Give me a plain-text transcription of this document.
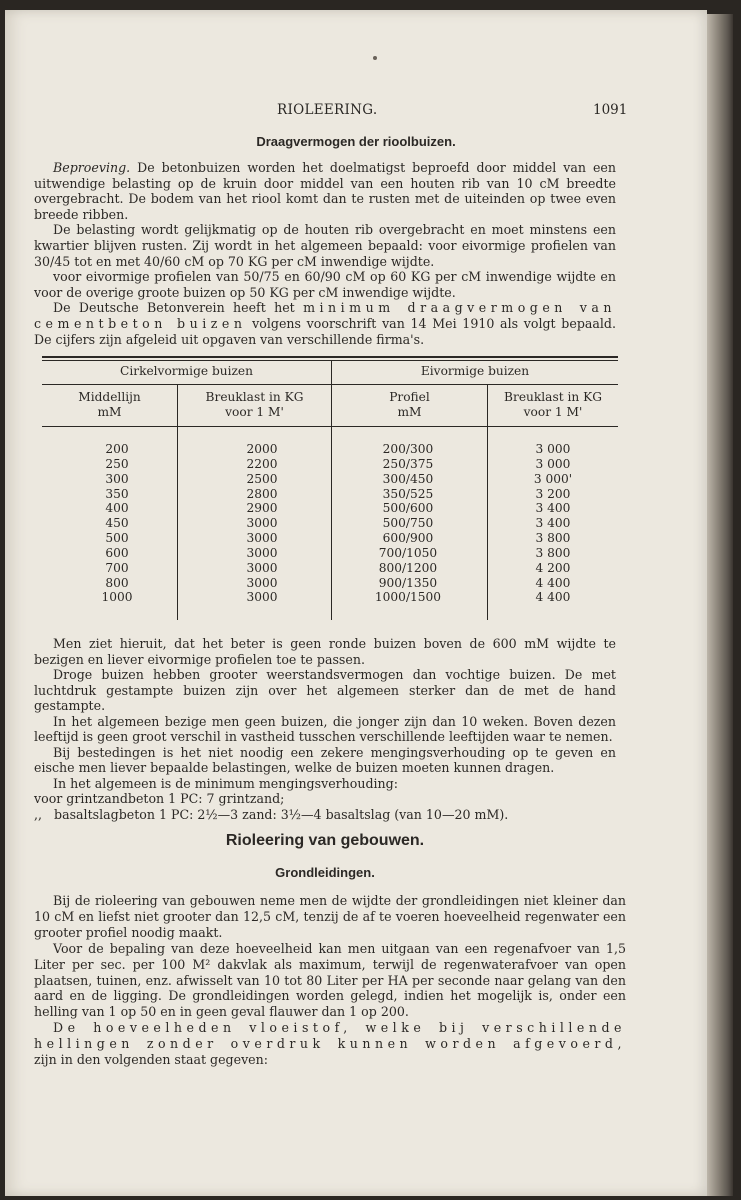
RIOLEERING.	1091
Draagvermogen der rioolbuizen.

Beproeving. De betonbuizen worden het doelmatigst beproefd door middel van een uitwendige belasting op de kruin door middel van een houten rib van 10 cM breedte overgebracht. De bodem van het riool komt dan te rusten met de uiteinden op twee even breede ribben.

De belasting wordt gelijkmatig op de houten rib overgebracht en moet minstens een kwartier blijven rusten. Zij wordt in het algemeen bepaald: voor eivormige profielen van 30/45 tot en met 40/60 cM op 70 KG per cM inwendige wijdte.

voor eivormige profielen van 50/75 en 60/90 cM op 60 KG per cM inwendige wijdte en voor de overige groote buizen op 50 KG per cM inwendige wijdte.

De Deutsche Betonverein heeft het minimum draagvermogen van cementbeton buizen volgens voorschrift van 14 Mei 1910 als volgt bepaald. De cijfers zijn afgeleid uit opgaven van verschillende firma's.

Cirkelvormige buizen	Eivormige buizen
Middellijn
mM
Breuklast in KG
voor 1 M'
Profiel
mM
Breuklast in KG
voor 1 M'
200
250
300
350
400
450
500
600
700
800
1000
2000
2200
2500
2800
2900
3000
3000
3000
3000
3000
3000
200/300
250/375
300/450
350/525
500/600
500/750
600/900
700/1050
800/1200
900/1350
1000/1500
3 000
3 000
3 000'
3 200
3 400
3 400
3 800
3 800
4 200
4 400
4 400

Men ziet hieruit, dat het beter is geen ronde buizen boven de 600 mM wijdte te bezigen en liever eivormige profielen toe te passen.

Droge buizen hebben grooter weerstandsvermogen dan vochtige buizen. De met luchtdruk gestampte buizen zijn over het algemeen sterker dan de met de hand gestampte.

In het algemeen bezige men geen buizen, die jonger zijn dan 10 weken. Boven dezen leeftijd is geen groot verschil in vastheid tusschen verschillende leeftijden waar te nemen.

Bij bestedingen is het niet noodig een zekere mengingsverhouding op te geven en eische men liever bepaalde belastingen, welke de buizen moeten kunnen dragen.

In het algemeen is de minimum mengingsverhouding:

voor grintzandbeton 1 PC: 7 grintzand;

,,   basaltslagbeton 1 PC: 2½—3 zand: 3½—4 basaltslag (van 10—20 mM).

Rioleering van gebouwen.
Grondleidingen.

Bij de rioleering van gebouwen neme men de wijdte der grondleidingen niet kleiner dan 10 cM en liefst niet grooter dan 12,5 cM, tenzij de af te voeren hoeveelheid regenwater een grooter profiel noodig maakt.

Voor de bepaling van deze hoeveelheid kan men uitgaan van een regenafvoer van 1,5 Liter per sec. per 100 M² dakvlak als maximum, terwijl de regenwaterafvoer van open plaatsen, tuinen, enz. afwisselt van 10 tot 80 Liter per HA per seconde naar gelang van den aard en de ligging. De grondleidingen worden gelegd, indien het mogelijk is, onder een helling van 1 op 50 en in geen geval flauwer dan 1 op 200.

De hoeveelheden vloeistof, welke bij verschillende hellingen zonder overdruk kunnen worden afgevoerd, zijn in den volgenden staat gegeven:
